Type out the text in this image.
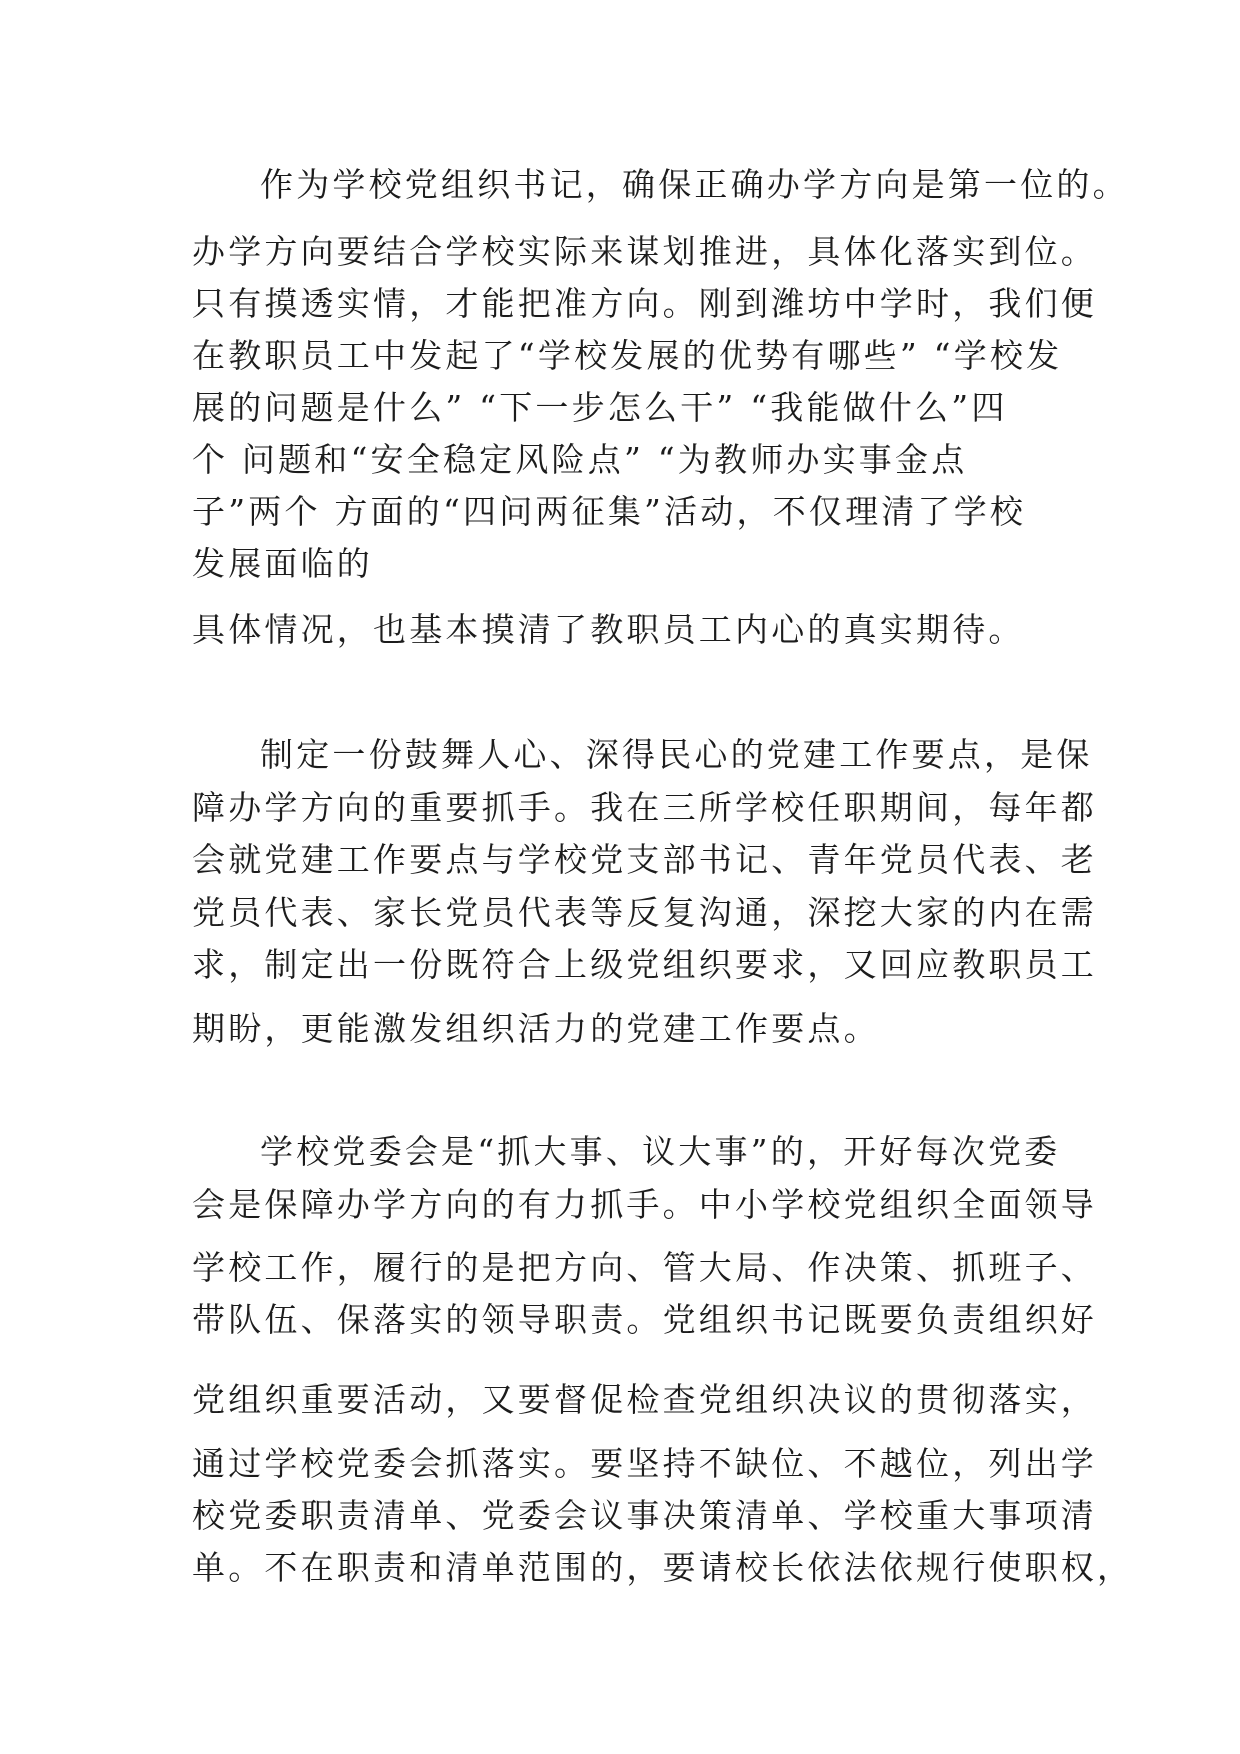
作为学校党组织书记，确保正确办学方向是第一位的。
办学方向要结合学校实际来谋划推进，具体化落实到位。
只有摸透实情，才能把准方向。刚到潍坊中学时，我们便
在教职员工中发起了“学校发展的优势有哪些” “学校发
展的问题是什么” “下一步怎么干” “我能做什么”四
个 问题和“安全稳定风险点” “为教师办实事金点
子”两个 方面的“四问两征集”活动，不仅理清了学校
发展面临的
具体情况，也基本摸清了教职员工内心的真实期待。
制定一份鼓舞人心、深得民心的党建工作要点，是保
障办学方向的重要抓手。我在三所学校任职期间，每年都
会就党建工作要点与学校党支部书记、青年党员代表、老
党员代表、家长党员代表等反复沟通，深挖大家的内在需
求，制定出一份既符合上级党组织要求，又回应教职员工
期盼，更能激发组织活力的党建工作要点。
学校党委会是“抓大事、议大事”的，开好每次党委
会是保障办学方向的有力抓手。中小学校党组织全面领导
学校工作，履行的是把方向、管大局、作决策、抓班子、
带队伍、保落实的领导职责。党组织书记既要负责组织好
党组织重要活动，又要督促检查党组织决议的贯彻落实，
通过学校党委会抓落实。要坚持不缺位、不越位，列出学
校党委职责清单、党委会议事决策清单、学校重大事项清
单。不在职责和清单范围的，要请校长依法依规行使职权，
